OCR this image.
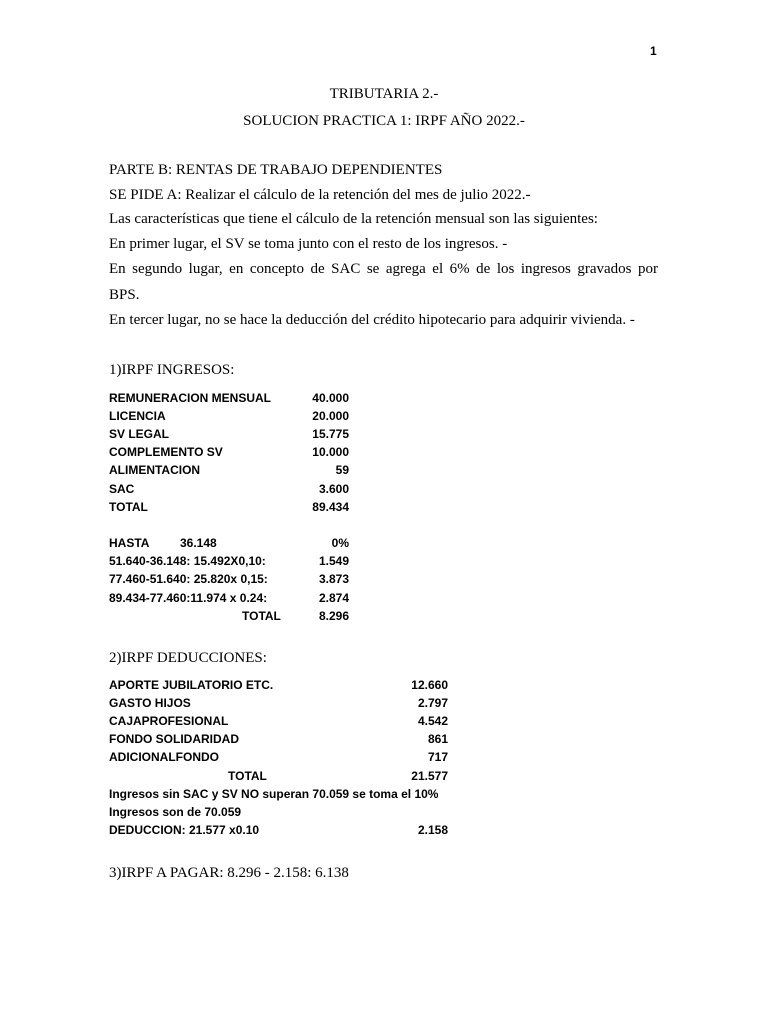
1
TRIBUTARIA 2.-
SOLUCION PRACTICA 1: IRPF AÑO 2022.-
PARTE B: RENTAS DE TRABAJO DEPENDIENTES
SE PIDE A: Realizar el cálculo de la retención del mes de julio 2022.-
Las características que tiene el cálculo de la retención mensual son las siguientes:
En primer lugar, el SV se toma junto con el resto de los ingresos. -
En segundo lugar, en concepto de SAC se agrega el 6% de los ingresos gravados por
BPS.
En tercer lugar, no se hace la deducción del crédito hipotecario para adquirir vivienda. -
1)IRPF INGRESOS:
REMUNERACION MENSUAL	40.000
LICENCIA	20.000
SV LEGAL	15.775
COMPLEMENTO SV	10.000
ALIMENTACION	59
SAC	3.600
TOTAL	89.434
HASTA	36.148	0%
51.640-36.148: 15.492X0,10:	1.549
77.460-51.640: 25.820x 0,15:	3.873
89.434-77.460:11.974 x 0.24:	2.874
TOTAL	8.296
2)IRPF DEDUCCIONES:
APORTE JUBILATORIO ETC.	12.660
GASTO HIJOS	2.797
CAJAPROFESIONAL	4.542
FONDO SOLIDARIDAD	861
ADICIONALFONDO	717
TOTAL	21.577
Ingresos sin SAC y SV NO superan 70.059 se toma el 10%
Ingresos son de 70.059
DEDUCCION: 21.577 x0.10	2.158
3)IRPF A PAGAR: 8.296 - 2.158: 6.138
